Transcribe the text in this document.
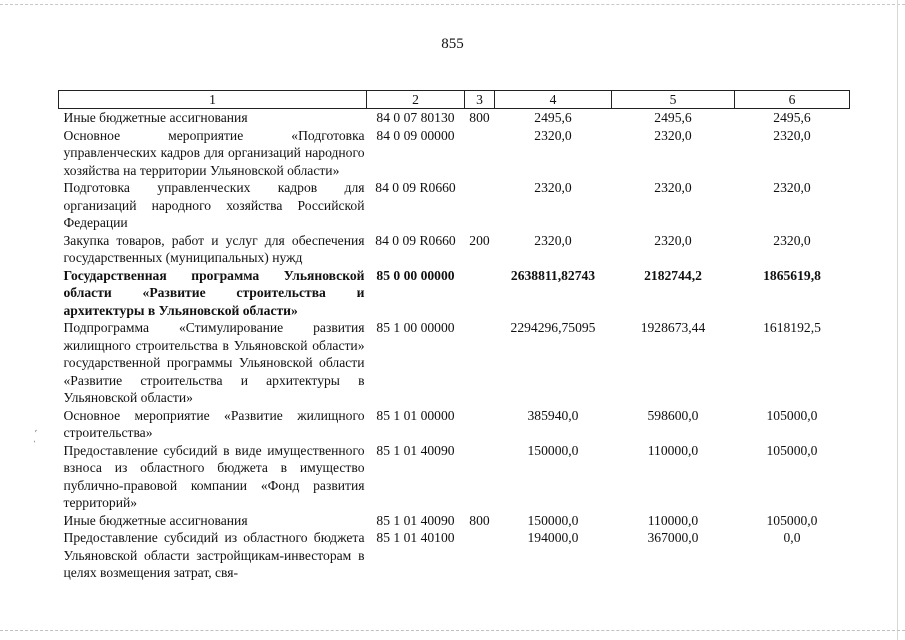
855
ˌ ˊ
1	2	3	4	5	6
Иные бюджетные ассигнования	84 0 07 80130	800	2495,6	2495,6	2495,6
Основное мероприятие «Подготовка управленческих кадров для организаций народного хозяйства на территории Ульяновской области»	84 0 09 00000		2320,0	2320,0	2320,0
Подготовка управленческих кадров для организаций народного хозяйства Российской Федерации	84 0 09 R0660		2320,0	2320,0	2320,0
Закупка товаров, работ и услуг для обеспечения государственных (муниципальных) нужд	84 0 09 R0660	200	2320,0	2320,0	2320,0
Государственная программа Ульяновской области «Развитие строительства и архитектуры в Ульяновской области»	85 0 00 00000		2638811,82743	2182744,2	1865619,8
Подпрограмма «Стимулирование развития жилищного строительства в Ульяновской области» государственной программы Ульяновской области «Развитие строительства и архитектуры в Ульяновской области»	85 1 00 00000		2294296,75095	1928673,44	1618192,5
Основное мероприятие «Развитие жилищного строительства»	85 1 01 00000		385940,0	598600,0	105000,0
Предоставление субсидий в виде имущественного взноса из областного бюджета в имущество публично-правовой компании «Фонд развития территорий»	85 1 01 40090		150000,0	110000,0	105000,0
Иные бюджетные ассигнования	85 1 01 40090	800	150000,0	110000,0	105000,0
Предоставление субсидий из областного бюджета Ульяновской области застройщикам-инвесторам в целях возмещения затрат, свя-	85 1 01 40100		194000,0	367000,0	0,0
